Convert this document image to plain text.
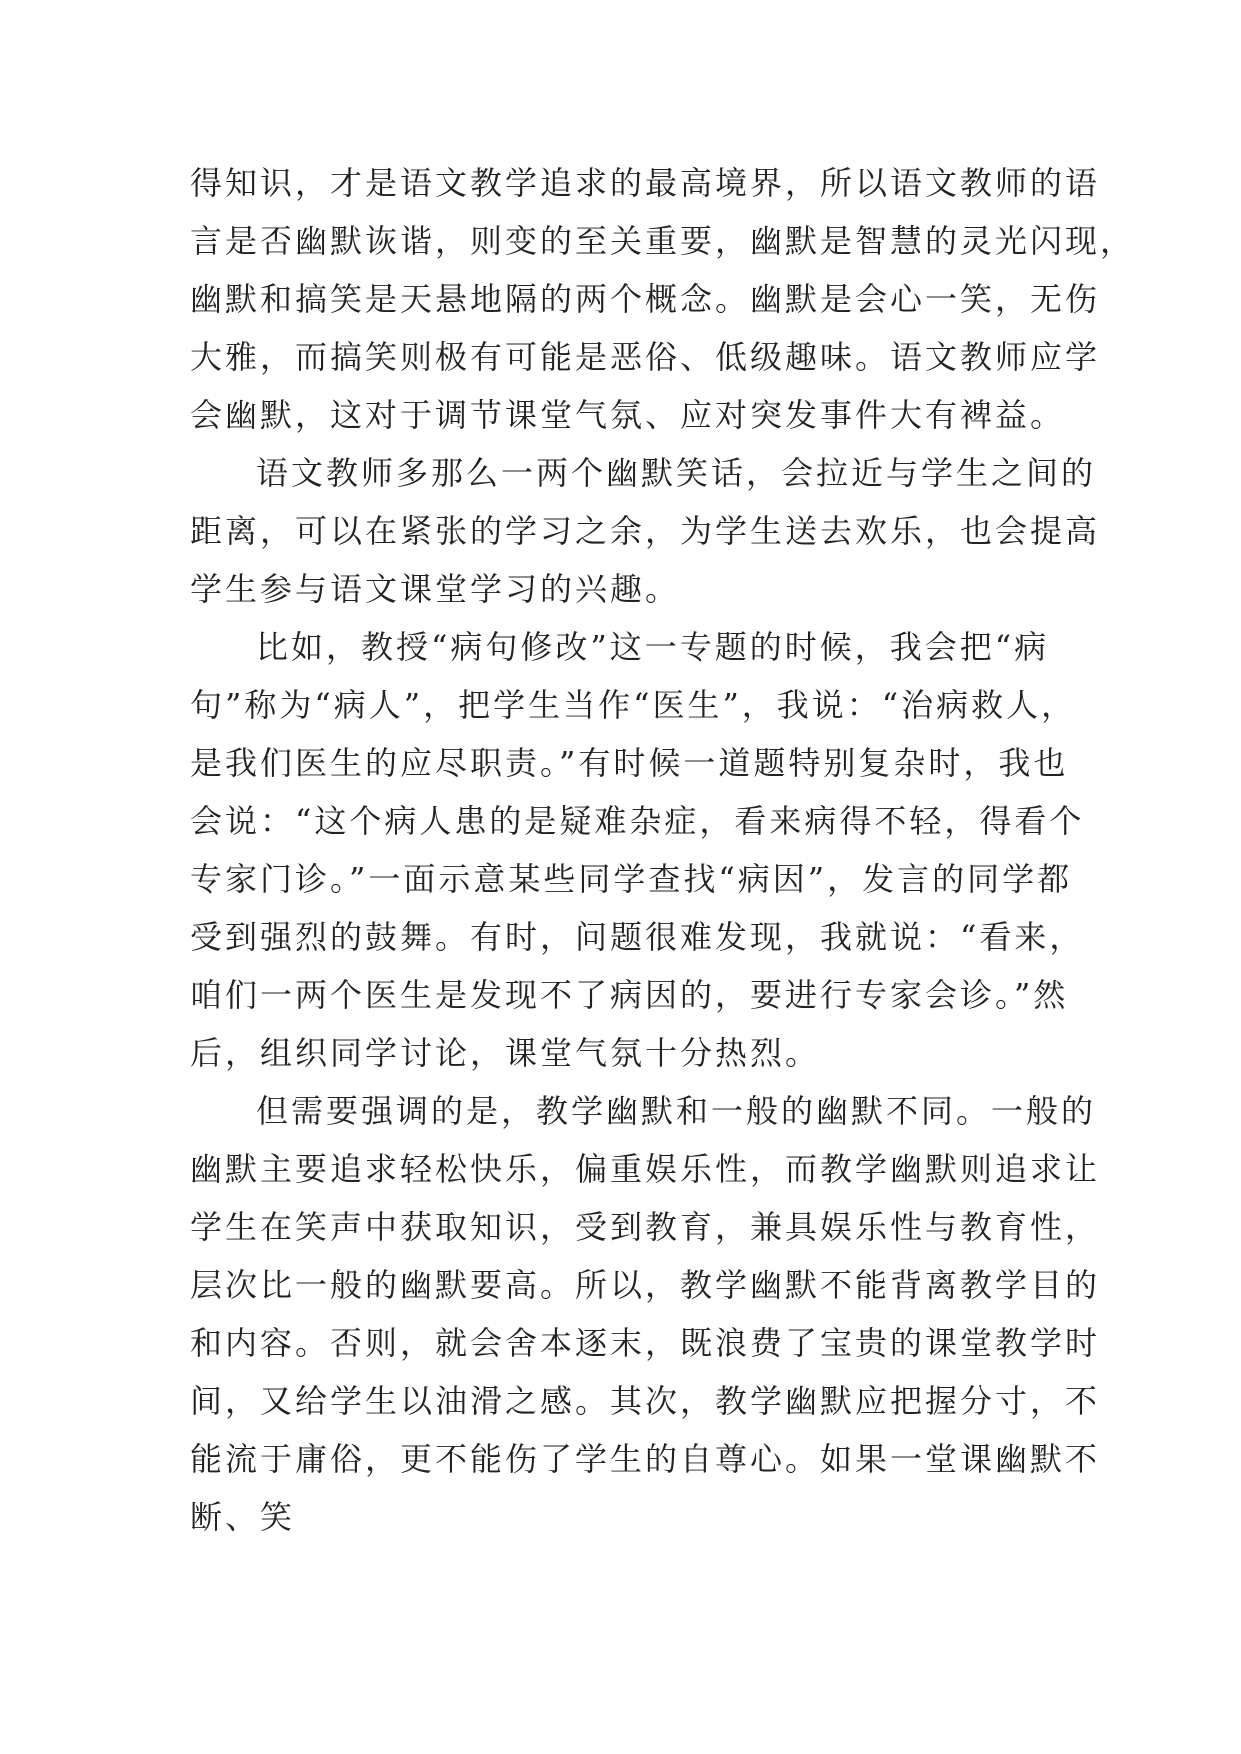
得知识，才是语文教学追求的最高境界，所以语文教师的语
言是否幽默诙谐，则变的至关重要，幽默是智慧的灵光闪现，
幽默和搞笑是天悬地隔的两个概念。幽默是会心一笑，无伤
大雅，而搞笑则极有可能是恶俗、低级趣味。语文教师应学
会幽默，这对于调节课堂气氛、应对突发事件大有裨益。
语文教师多那么一两个幽默笑话，会拉近与学生之间的
距离，可以在紧张的学习之余，为学生送去欢乐，也会提高
学生参与语文课堂学习的兴趣。
比如，教授“病句修改”这一专题的时候，我会把“病
句”称为“病人”，把学生当作“医生”，我说：“治病救人，
是我们医生的应尽职责。”有时候一道题特别复杂时，我也
会说：“这个病人患的是疑难杂症，看来病得不轻，得看个
专家门诊。”一面示意某些同学查找“病因”，发言的同学都
受到强烈的鼓舞。有时，问题很难发现，我就说：“看来，
咱们一两个医生是发现不了病因的，要进行专家会诊。”然
后，组织同学讨论，课堂气氛十分热烈。
但需要强调的是，教学幽默和一般的幽默不同。一般的
幽默主要追求轻松快乐，偏重娱乐性，而教学幽默则追求让
学生在笑声中获取知识，受到教育，兼具娱乐性与教育性，
层次比一般的幽默要高。所以，教学幽默不能背离教学目的
和内容。否则，就会舍本逐末，既浪费了宝贵的课堂教学时
间，又给学生以油滑之感。其次，教学幽默应把握分寸，不
能流于庸俗，更不能伤了学生的自尊心。如果一堂课幽默不
断、笑
